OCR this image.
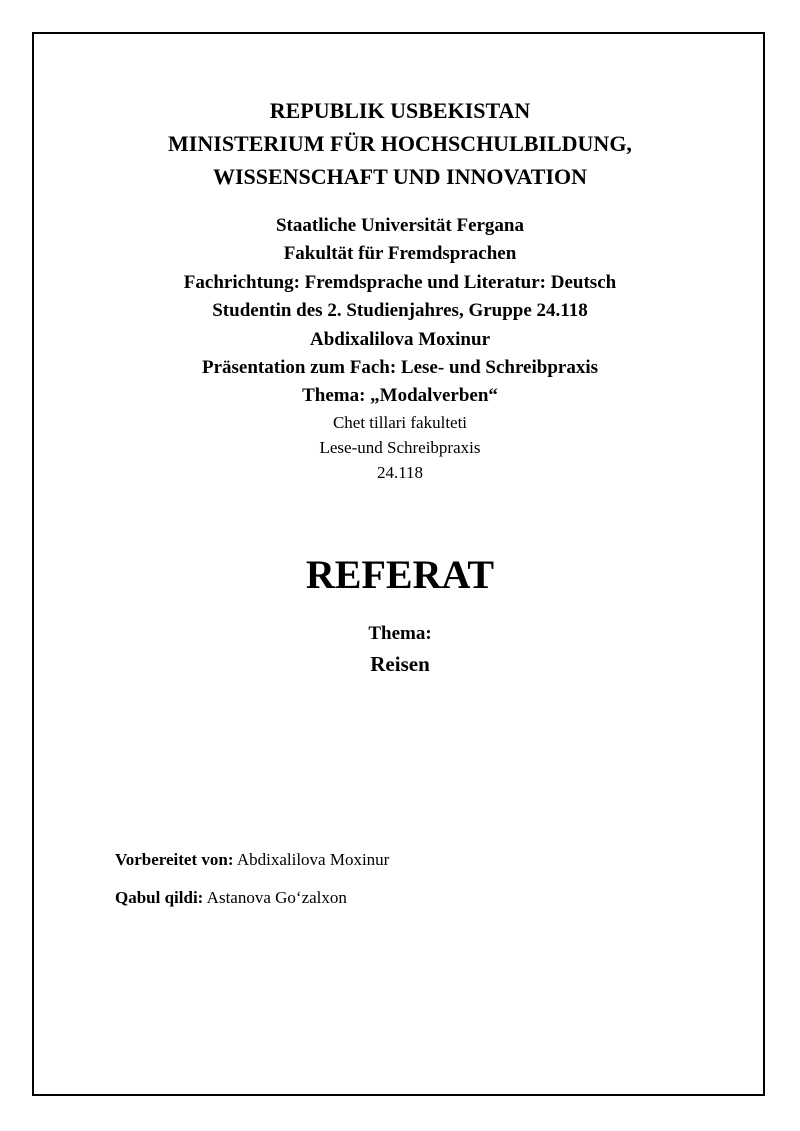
REPUBLIK USBEKISTAN
MINISTERIUM FÜR HOCHSCHULBILDUNG,
WISSENSCHAFT UND INNOVATION
Staatliche Universität Fergana
Fakultät für Fremdsprachen
Fachrichtung: Fremdsprache und Literatur: Deutsch
Studentin des 2. Studienjahres, Gruppe 24.118
Abdixalilova Moxinur
Präsentation zum Fach: Lese- und Schreibpraxis
Thema: „Modalverben“
Chet tillari fakulteti
Lese-und Schreibpraxis
24.118
REFERAT
Thema:
Reisen
Vorbereitet von: Abdixalilova Moxinur
Qabul qildi: Astanova Go‘zalxon
